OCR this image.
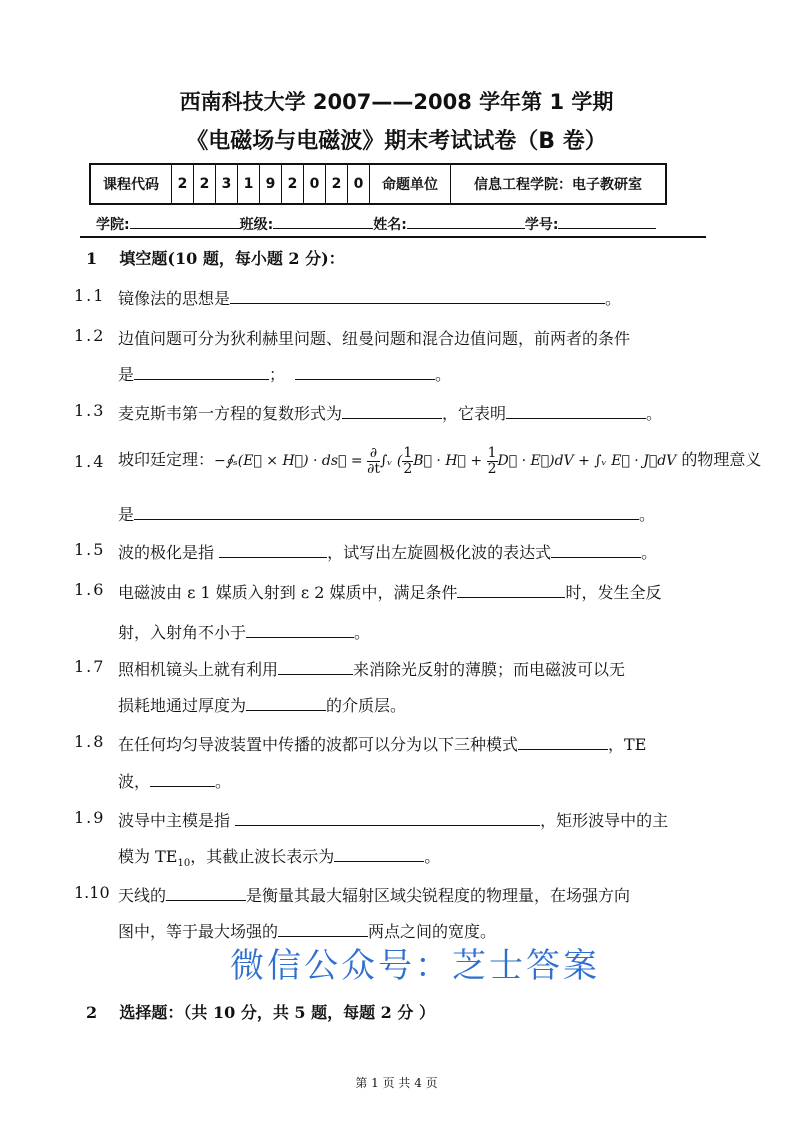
西南科技大学 2007——2008 学年第 1 学期
《电磁场与电磁波》期末考试试卷（B 卷）
课程代码	2	2	3	1	9	2	0	2	0	命题单位	信息工程学院：电子教研室
学院:	班级:	姓名:	学号:
1 填空题(10 题，每小题 2 分)：
1.1 镜像法的思想是	。
1.2 边值问题可分为狄利赫里问题、纽曼问题和混合边值问题，前两者的条件
是	；	。
1.3 麦克斯韦第一方程的复数形式为	，它表明	。
1.4 坡印廷定理：−∮ₛ(E⃗ × H⃗) · ds⃗ = $\frac{\partial}{\partial t}\int ᵥ$ ( $\frac{1}{2}B⃗$ · H⃗ + $\frac{1}{2}D⃗$ · E⃗)dV + ∫ᵥ E⃗ · J⃗dV 的物理意义
是	。
1.5 波的极化是指	，试写出左旋圆极化波的表达式	。
1.6 电磁波由 ε 1 媒质入射到 ε 2 媒质中，满足条件	时，发生全反
射，入射角不小于	。
1.7 照相机镜头上就有利用	来消除光反射的薄膜；而电磁波可以无
损耗地通过厚度为	的介质层。
1.8 在任何均匀导波装置中传播的波都可以分为以下三种模式	，TE
波，	。
1.9 波导中主模是指	，矩形波导中的主
模为 $TE_{10}$，其截止波长表示为	。
1.10 天线的	是衡量其最大辐射区域尖锐程度的物理量，在场强方向
图中，等于最大场强的	两点之间的宽度。
微信公众号：芝士答案
2 选择题：（共 10 分，共 5 题，每题 2 分 ）
第 1 页 共 4 页
